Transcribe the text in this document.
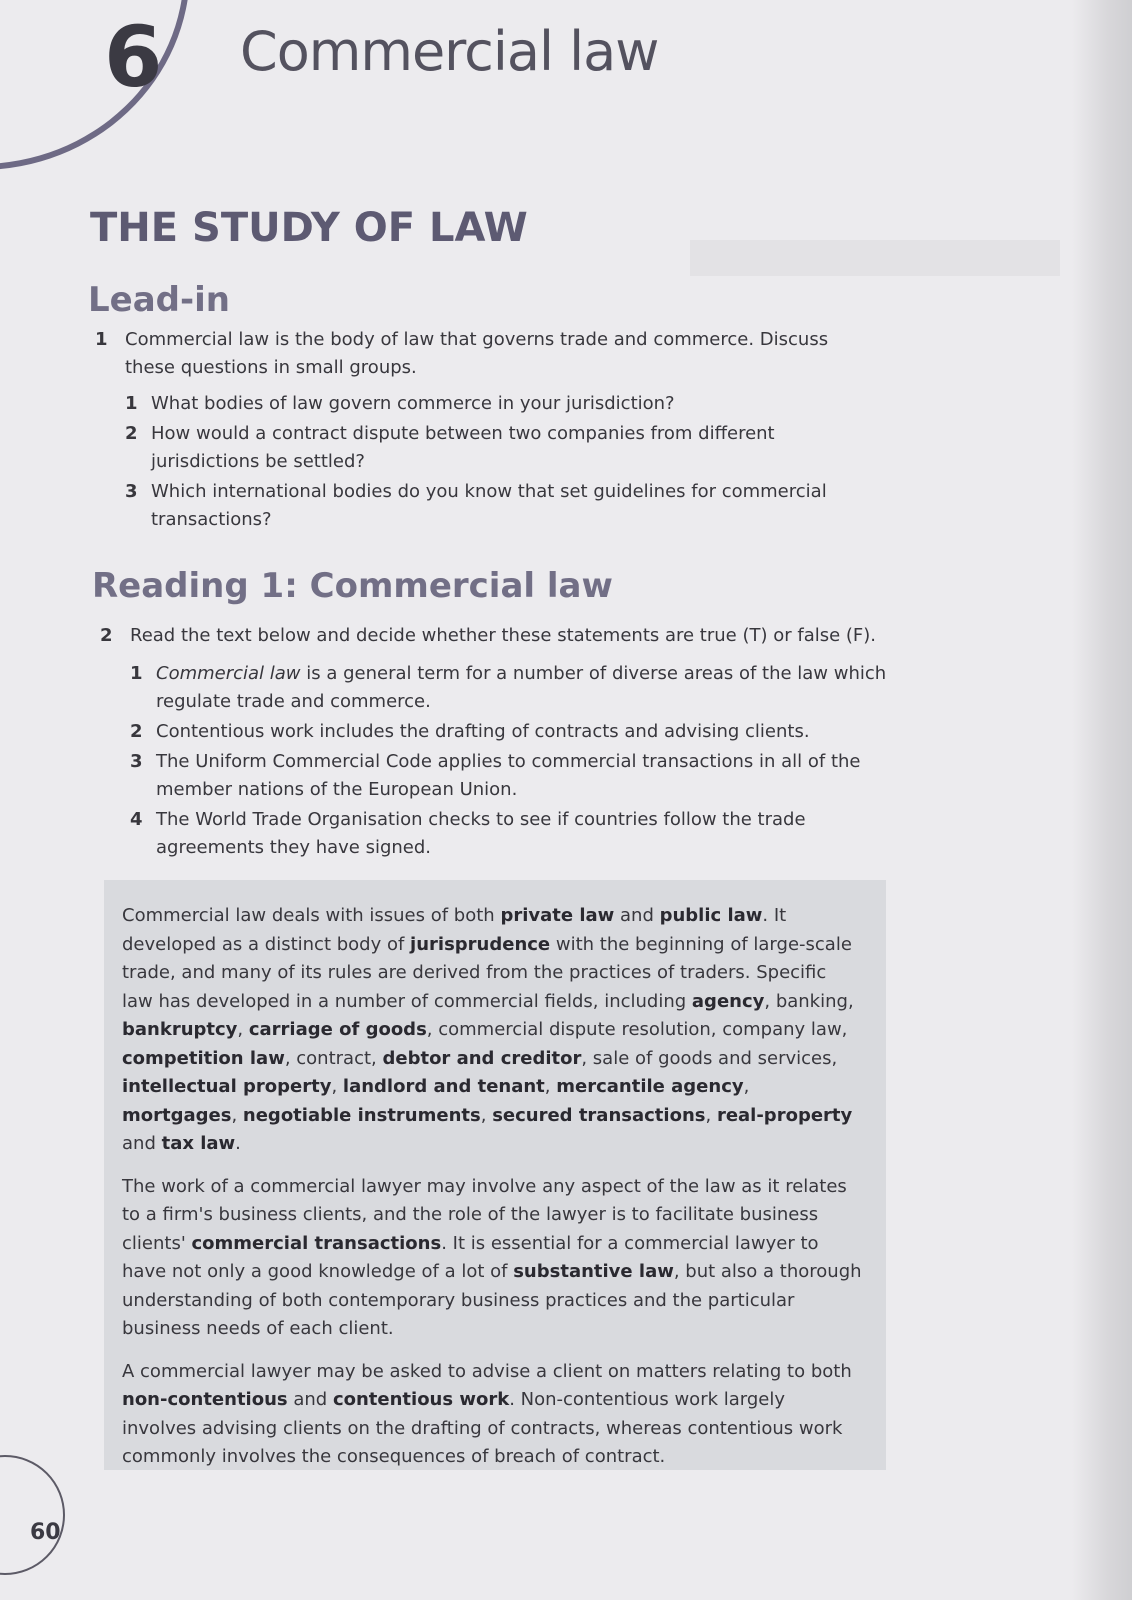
6 Commercial law
THE STUDY OF LAW
Lead-in
1 Commercial law is the body of law that governs trade and commerce. Discuss these questions in small groups.
1 What bodies of law govern commerce in your jurisdiction?
2 How would a contract dispute between two companies from different jurisdictions be settled?
3 Which international bodies do you know that set guidelines for commercial transactions?
Reading 1: Commercial law
2 Read the text below and decide whether these statements are true (T) or false (F).
1 Commercial law is a general term for a number of diverse areas of the law which regulate trade and commerce.
2 Contentious work includes the drafting of contracts and advising clients.
3 The Uniform Commercial Code applies to commercial transactions in all of the member nations of the European Union.
4 The World Trade Organisation checks to see if countries follow the trade agreements they have signed.

Commercial law deals with issues of both private law and public law. It developed as a distinct body of jurisprudence with the beginning of large-scale trade, and many of its rules are derived from the practices of traders. Specific law has developed in a number of commercial fields, including agency, banking, bankruptcy, carriage of goods, commercial dispute resolution, company law, competition law, contract, debtor and creditor, sale of goods and services, intellectual property, landlord and tenant, mercantile agency, mortgages, negotiable instruments, secured transactions, real-property and tax law.

The work of a commercial lawyer may involve any aspect of the law as it relates to a firm's business clients, and the role of the lawyer is to facilitate business clients' commercial transactions. It is essential for a commercial lawyer to have not only a good knowledge of a lot of substantive law, but also a thorough understanding of both contemporary business practices and the particular business needs of each client.

A commercial lawyer may be asked to advise a client on matters relating to both non-contentious and contentious work. Non-contentious work largely involves advising clients on the drafting of contracts, whereas contentious work commonly involves the consequences of breach of contract.

60
